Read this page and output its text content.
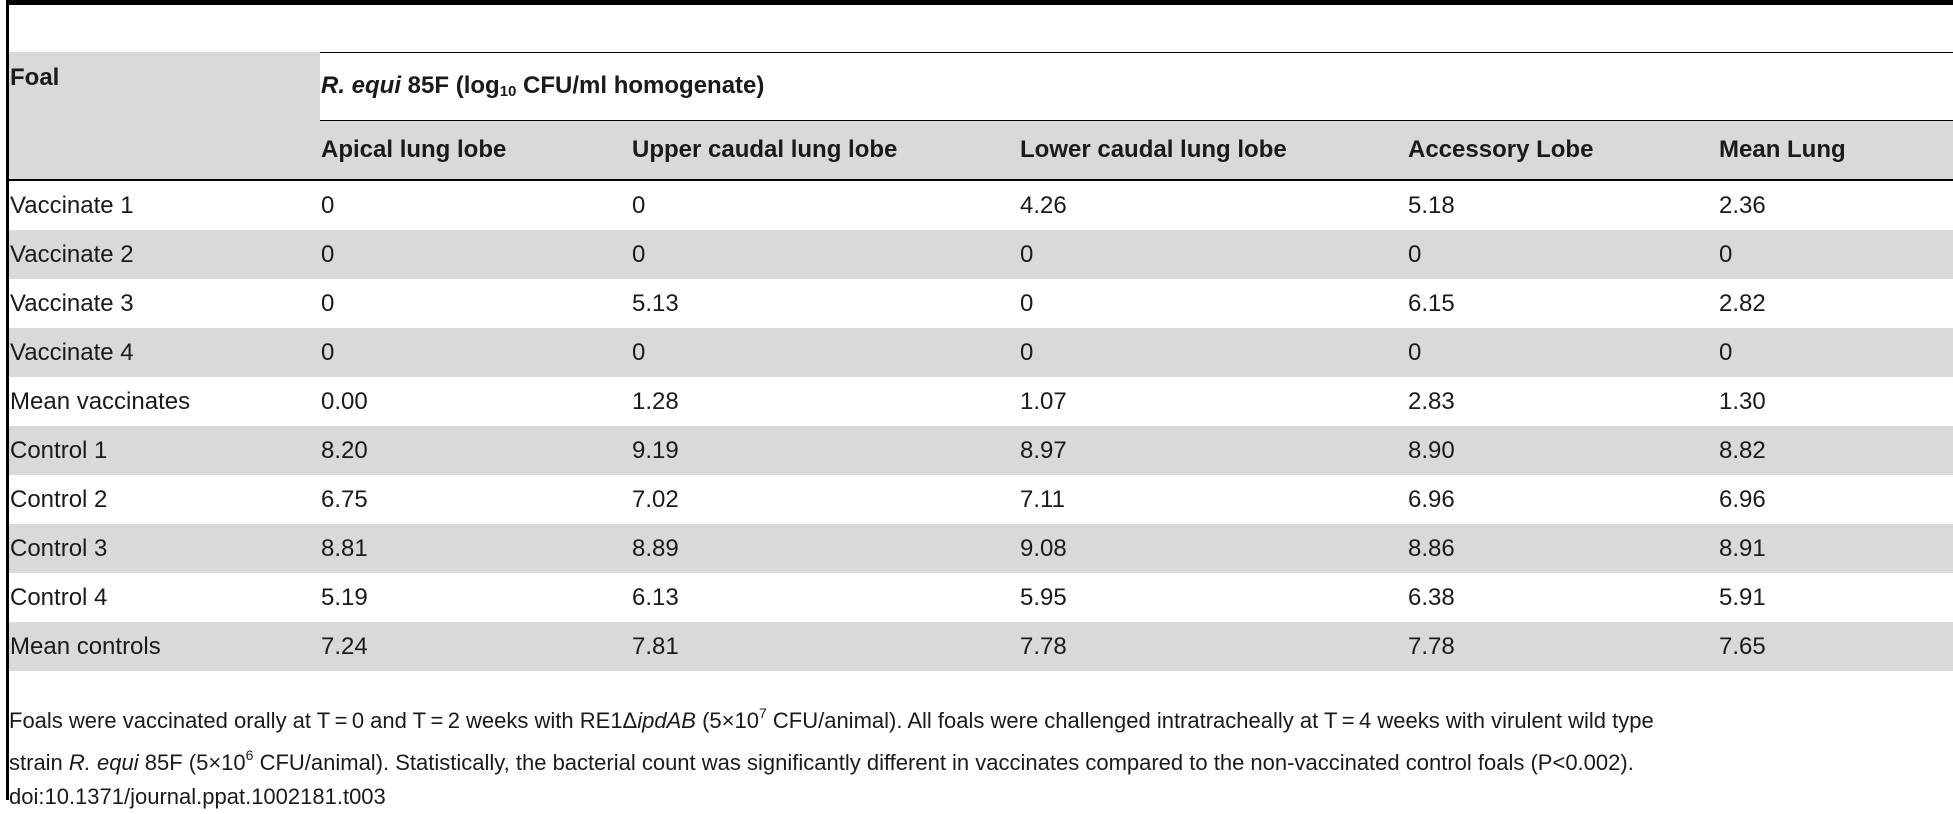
Foal	R. equi 85F ($\log_{10}$ CFU/ml homogenate)				
	Apical lung lobe	Upper caudal lung lobe	Lower caudal lung lobe	Accessory Lobe	Mean Lung
Vaccinate 1	0	0	4.26	5.18	2.36
Vaccinate 2	0	0	0	0	0
Vaccinate 3	0	5.13	0	6.15	2.82
Vaccinate 4	0	0	0	0	0
Mean vaccinates	0.00	1.28	1.07	2.83	1.30
Control 1	8.20	9.19	8.97	8.90	8.82
Control 2	6.75	7.02	7.11	6.96	6.96
Control 3	8.81	8.89	9.08	8.86	8.91
Control 4	5.19	6.13	5.95	6.38	5.91
Mean controls	7.24	7.81	7.78	7.78	7.65

Foals were vaccinated orally at T = 0 and T = 2 weeks with RE1ΔipdAB ($5\times 10^7$ CFU/animal). All foals were challenged intratracheally at T = 4 weeks with virulent wild type

strain R. equi 85F ($5\times 10^6$ CFU/animal). Statistically, the bacterial count was significantly different in vaccinates compared to the non-vaccinated control foals (P<0.002).

doi:10.1371/journal.ppat.1002181.t003
